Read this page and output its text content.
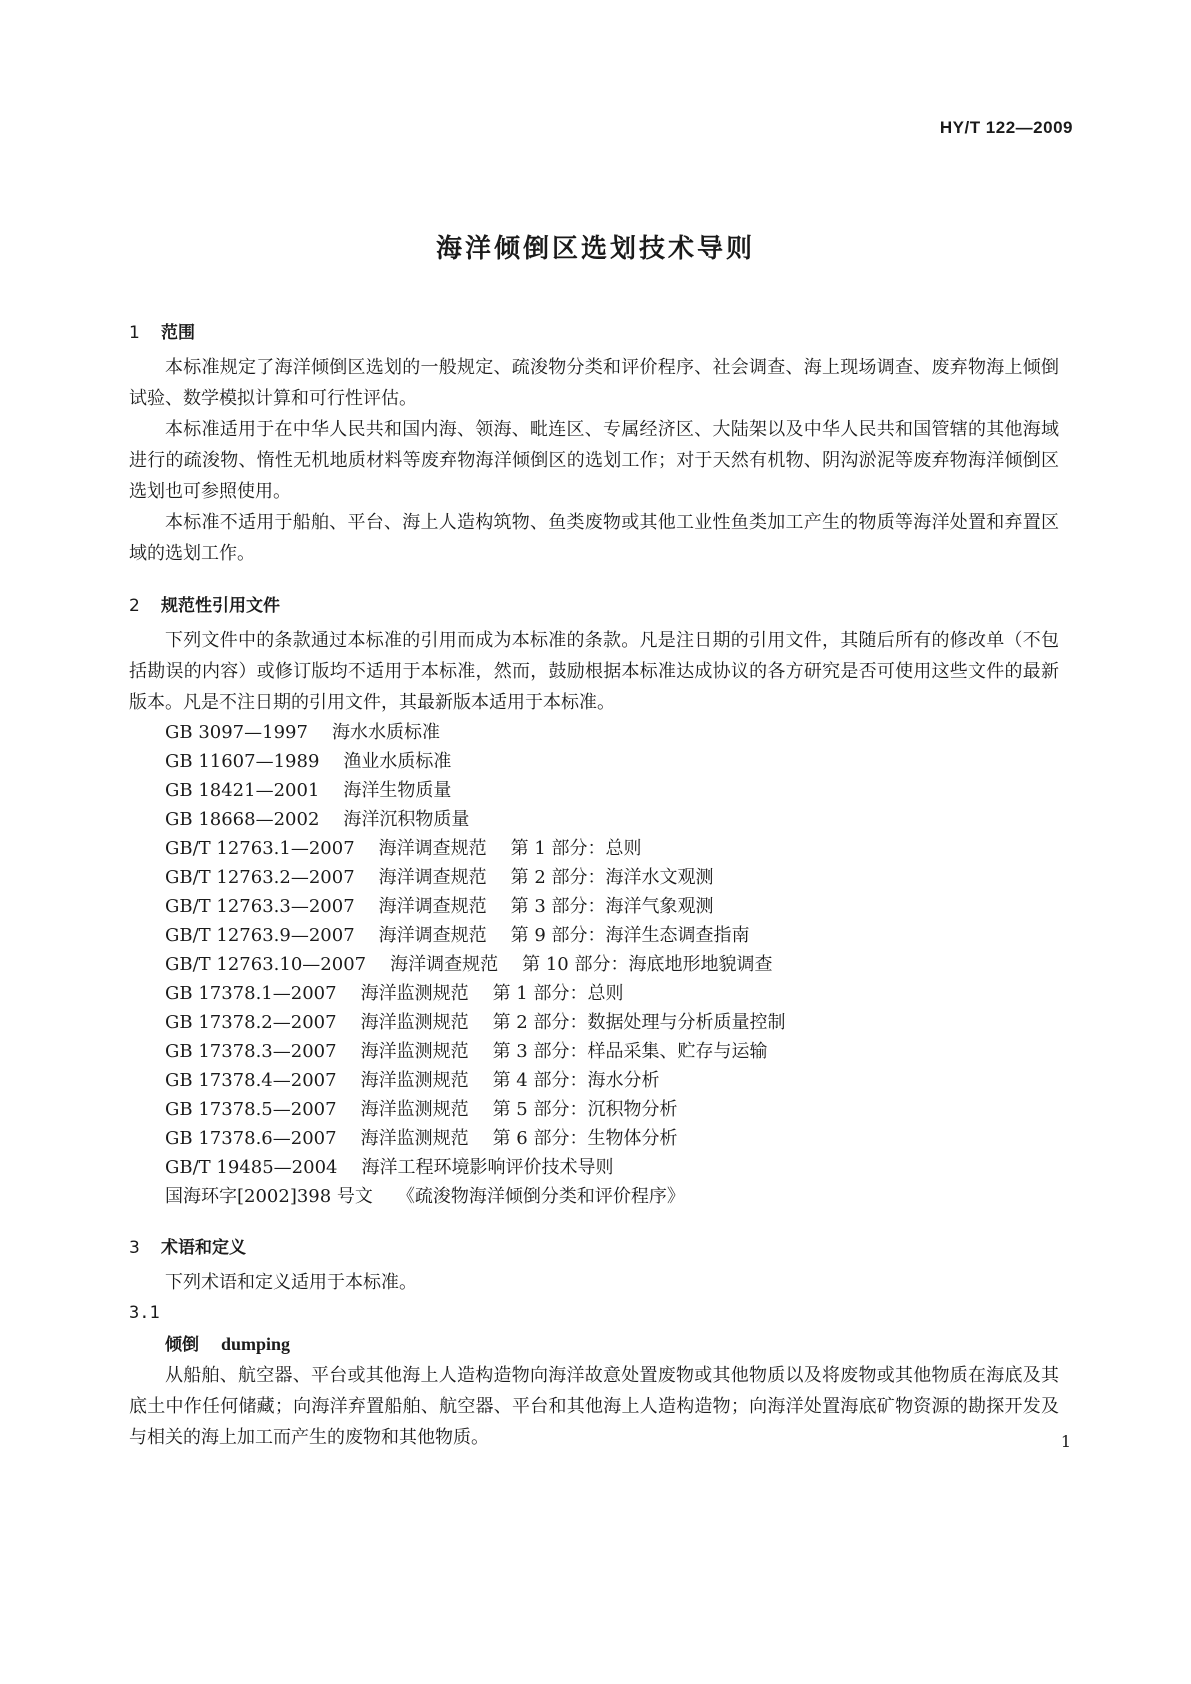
HY/T 122—2009
海洋倾倒区选划技术导则
1 范围

本标准规定了海洋倾倒区选划的一般规定、疏浚物分类和评价程序、社会调查、海上现场调查、废弃物海上倾倒试验、数学模拟计算和可行性评估。

本标准适用于在中华人民共和国内海、领海、毗连区、专属经济区、大陆架以及中华人民共和国管辖的其他海域进行的疏浚物、惰性无机地质材料等废弃物海洋倾倒区的选划工作；对于天然有机物、阴沟淤泥等废弃物海洋倾倒区选划也可参照使用。

本标准不适用于船舶、平台、海上人造构筑物、鱼类废物或其他工业性鱼类加工产生的物质等海洋处置和弃置区域的选划工作。

2 规范性引用文件

下列文件中的条款通过本标准的引用而成为本标准的条款。凡是注日期的引用文件，其随后所有的修改单（不包括勘误的内容）或修订版均不适用于本标准，然而，鼓励根据本标准达成协议的各方研究是否可使用这些文件的最新版本。凡是不注日期的引用文件，其最新版本适用于本标准。

GB 3097—1997 海水水质标准
GB 11607—1989 渔业水质标准
GB 18421—2001 海洋生物质量
GB 18668—2002 海洋沉积物质量
GB/T 12763.1—2007 海洋调查规范 第 1 部分：总则
GB/T 12763.2—2007 海洋调查规范 第 2 部分：海洋水文观测
GB/T 12763.3—2007 海洋调查规范 第 3 部分：海洋气象观测
GB/T 12763.9—2007 海洋调查规范 第 9 部分：海洋生态调查指南
GB/T 12763.10—2007 海洋调查规范 第 10 部分：海底地形地貌调查
GB 17378.1—2007 海洋监测规范 第 1 部分：总则
GB 17378.2—2007 海洋监测规范 第 2 部分：数据处理与分析质量控制
GB 17378.3—2007 海洋监测规范 第 3 部分：样品采集、贮存与运输
GB 17378.4—2007 海洋监测规范 第 4 部分：海水分析
GB 17378.5—2007 海洋监测规范 第 5 部分：沉积物分析
GB 17378.6—2007 海洋监测规范 第 6 部分：生物体分析
GB/T 19485—2004 海洋工程环境影响评价技术导则
国海环字[2002]398 号文 《疏浚物海洋倾倒分类和评价程序》
3 术语和定义

下列术语和定义适用于本标准。

3.1
倾倒 dumping

从船舶、航空器、平台或其他海上人造构造物向海洋故意处置废物或其他物质以及将废物或其他物质在海底及其底土中作任何储藏；向海洋弃置船舶、航空器、平台和其他海上人造构造物；向海洋处置海底矿物资源的勘探开发及与相关的海上加工而产生的废物和其他物质。	1
